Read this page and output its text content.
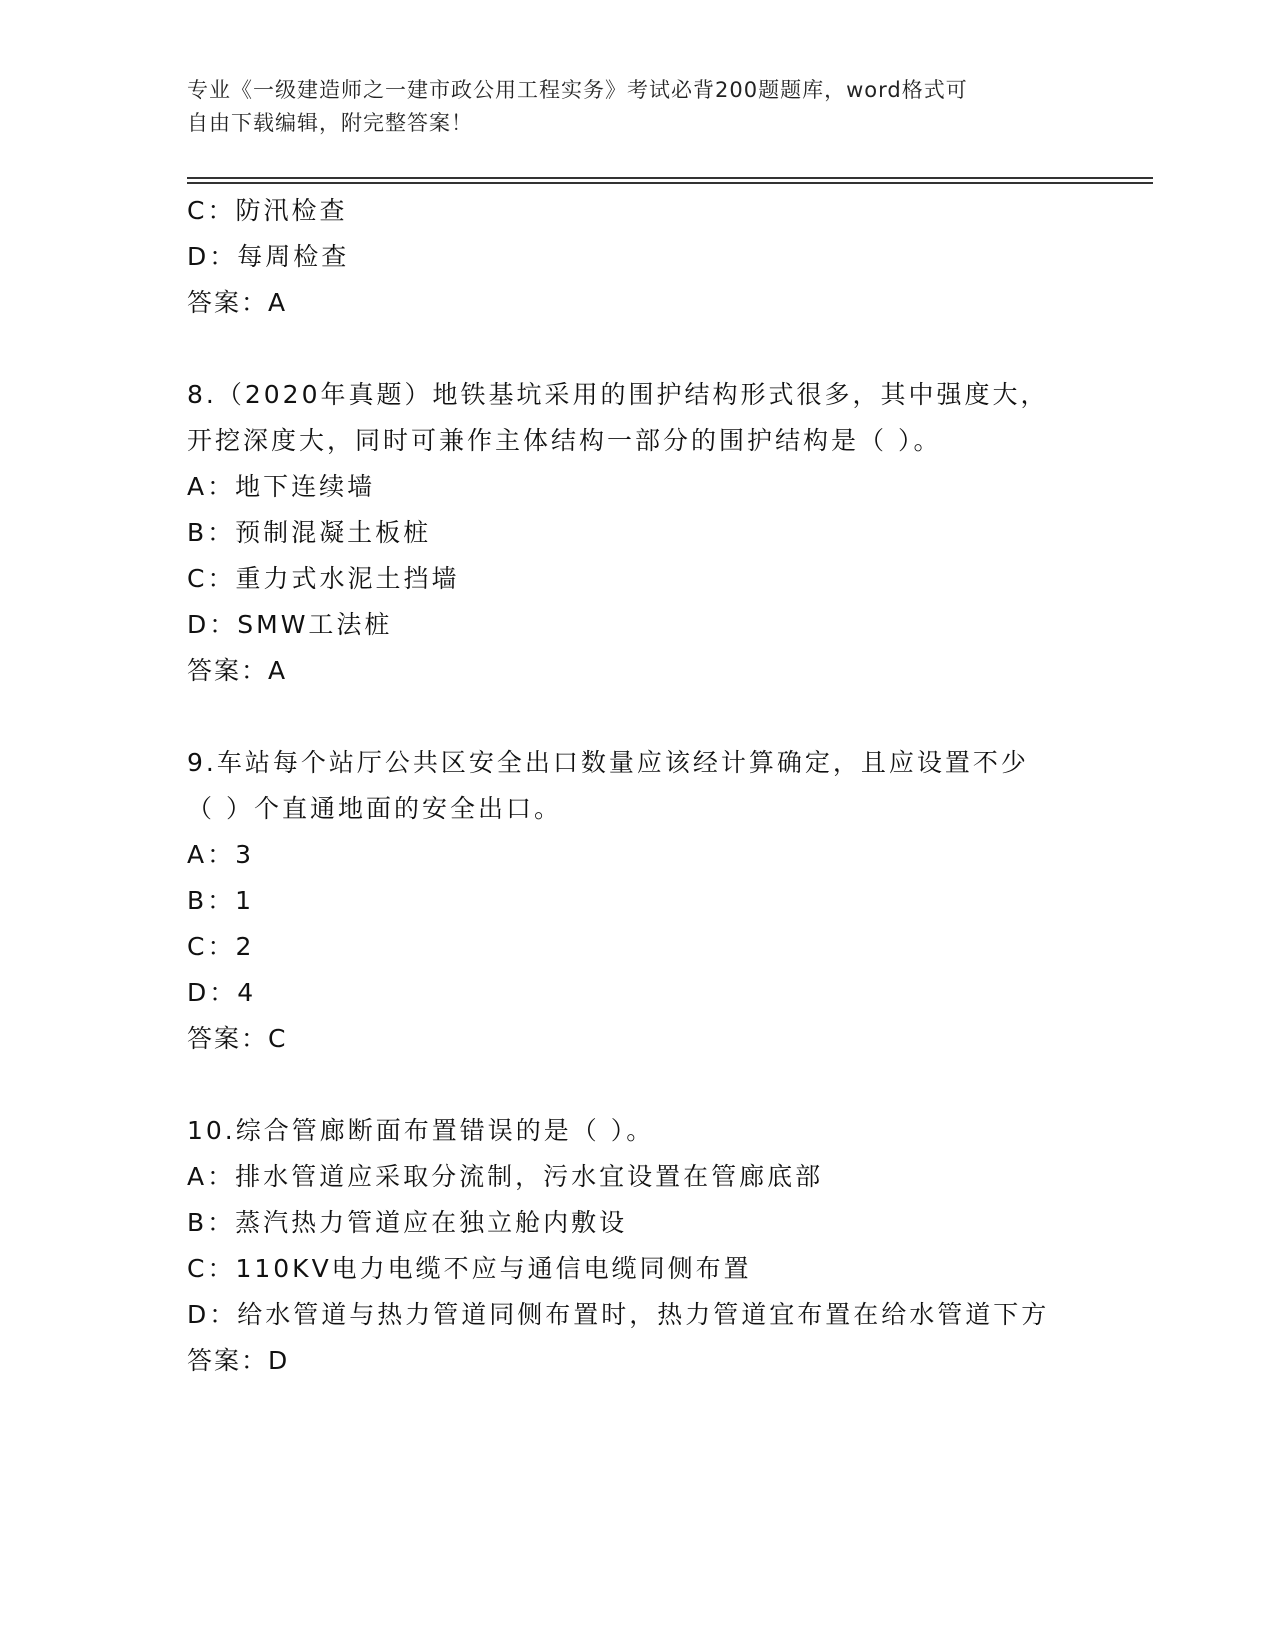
专业《一级建造师之一建市政公用工程实务》考试必背200题题库，word格式可
自由下载编辑，附完整答案！
C：防汛检查
D：每周检查
答案：A
8.（2020年真题）地铁基坑采用的围护结构形式很多，其中强度大，
开挖深度大，同时可兼作主体结构一部分的围护结构是（ ）。
A：地下连续墙
B：预制混凝土板桩
C：重力式水泥土挡墙
D：SMW工法桩
答案：A
9.车站每个站厅公共区安全出口数量应该经计算确定，且应设置不少
（ ）个直通地面的安全出口。
A：3
B：1
C：2
D：4
答案：C
10.综合管廊断面布置错误的是（ ）。
A：排水管道应采取分流制，污水宜设置在管廊底部
B：蒸汽热力管道应在独立舱内敷设
C：110KV电力电缆不应与通信电缆同侧布置
D：给水管道与热力管道同侧布置时，热力管道宜布置在给水管道下方
答案：D
